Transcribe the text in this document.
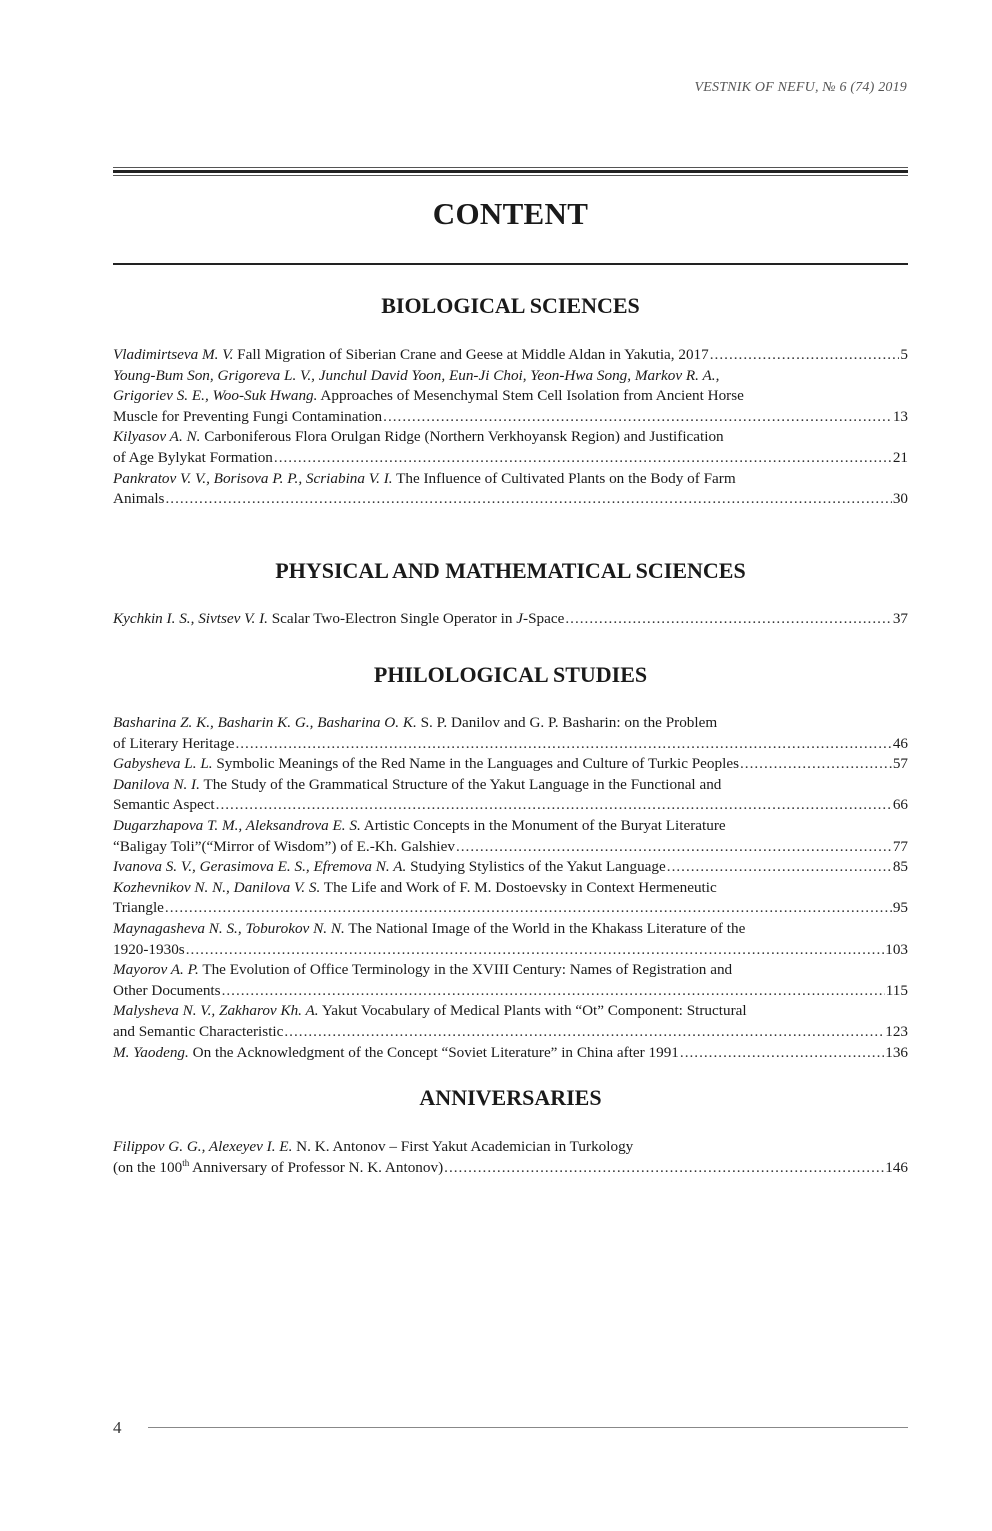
VESTNIK OF NEFU, № 6 (74) 2019
CONTENT
BIOLOGICAL SCIENCES
Vladimirtseva M. V. Fall Migration of Siberian Crane and Geese at Middle Aldan in Yakutia, 2017 .....	5
Young-Bum Son, Grigoreva L. V., Junchul David Yoon, Eun-Ji Choi, Yeon-Hwa Song, Markov R. A.,
Grigoriev S. E., Woo-Suk Hwang. Approaches of Mesenchymal Stem Cell Isolation from Ancient Horse
Muscle for Preventing Fungi Contamination .....	13
Kilyasov A. N. Carboniferous Flora Orulgan Ridge (Northern Verkhoyansk Region) and Justification
of Age Bylykat Formation .....	21
Pankratov V. V., Borisova P. P., Scriabina V. I. The Influence of Cultivated Plants on the Body of Farm
Animals .....	30
PHYSICAL AND MATHEMATICAL SCIENCES
Kychkin I. S., Sivtsev V. I. Scalar Two-Electron Single Operator in J-Space .....	37
PHILOLOGICAL STUDIES
Basharina Z. K., Basharin K. G., Basharina O. K. S. P. Danilov and G. P. Basharin: on the Problem
of Literary Heritage .....	46
Gabysheva L. L. Symbolic Meanings of the Red Name in the Languages and Culture of Turkic Peoples .....	57
Danilova N. I. The Study of the Grammatical Structure of the Yakut Language in the Functional and
Semantic Aspect .....	66
Dugarzhapova T. M., Aleksandrova E. S. Artistic Concepts in the Monument of the Buryat Literature
“Baligay Toli”(“Mirror of Wisdom”) of E.-Kh. Galshiev .....	77
Ivanova S. V., Gerasimova E. S., Efremova N. A. Studying Stylistics of the Yakut Language .....	85
Kozhevnikov N. N., Danilova V. S. The Life and Work of F. M. Dostoevsky in Context Hermeneutic
Triangle .....	95
Maynagasheva N. S., Toburokov N. N. The National Image of the World in the Khakass Literature of the
1920-1930s .....	103
Mayorov A. P. The Evolution of Office Terminology in the XVIII Century: Names of Registration and
Other Documents .....	115
Malysheva N. V., Zakharov Kh. A. Yakut Vocabulary of Medical Plants with “Ot” Component: Structural
and Semantic Characteristic .....	123
M. Yaodeng. On the Acknowledgment of the Concept “Soviet Literature” in China after 1991 .....	136
ANNIVERSARIES
Filippov G. G., Alexeyev I. E. N. K. Antonov – First Yakut Academician in Turkology
(on the 100th Anniversary of Professor N. K. Antonov) .....	146
4
